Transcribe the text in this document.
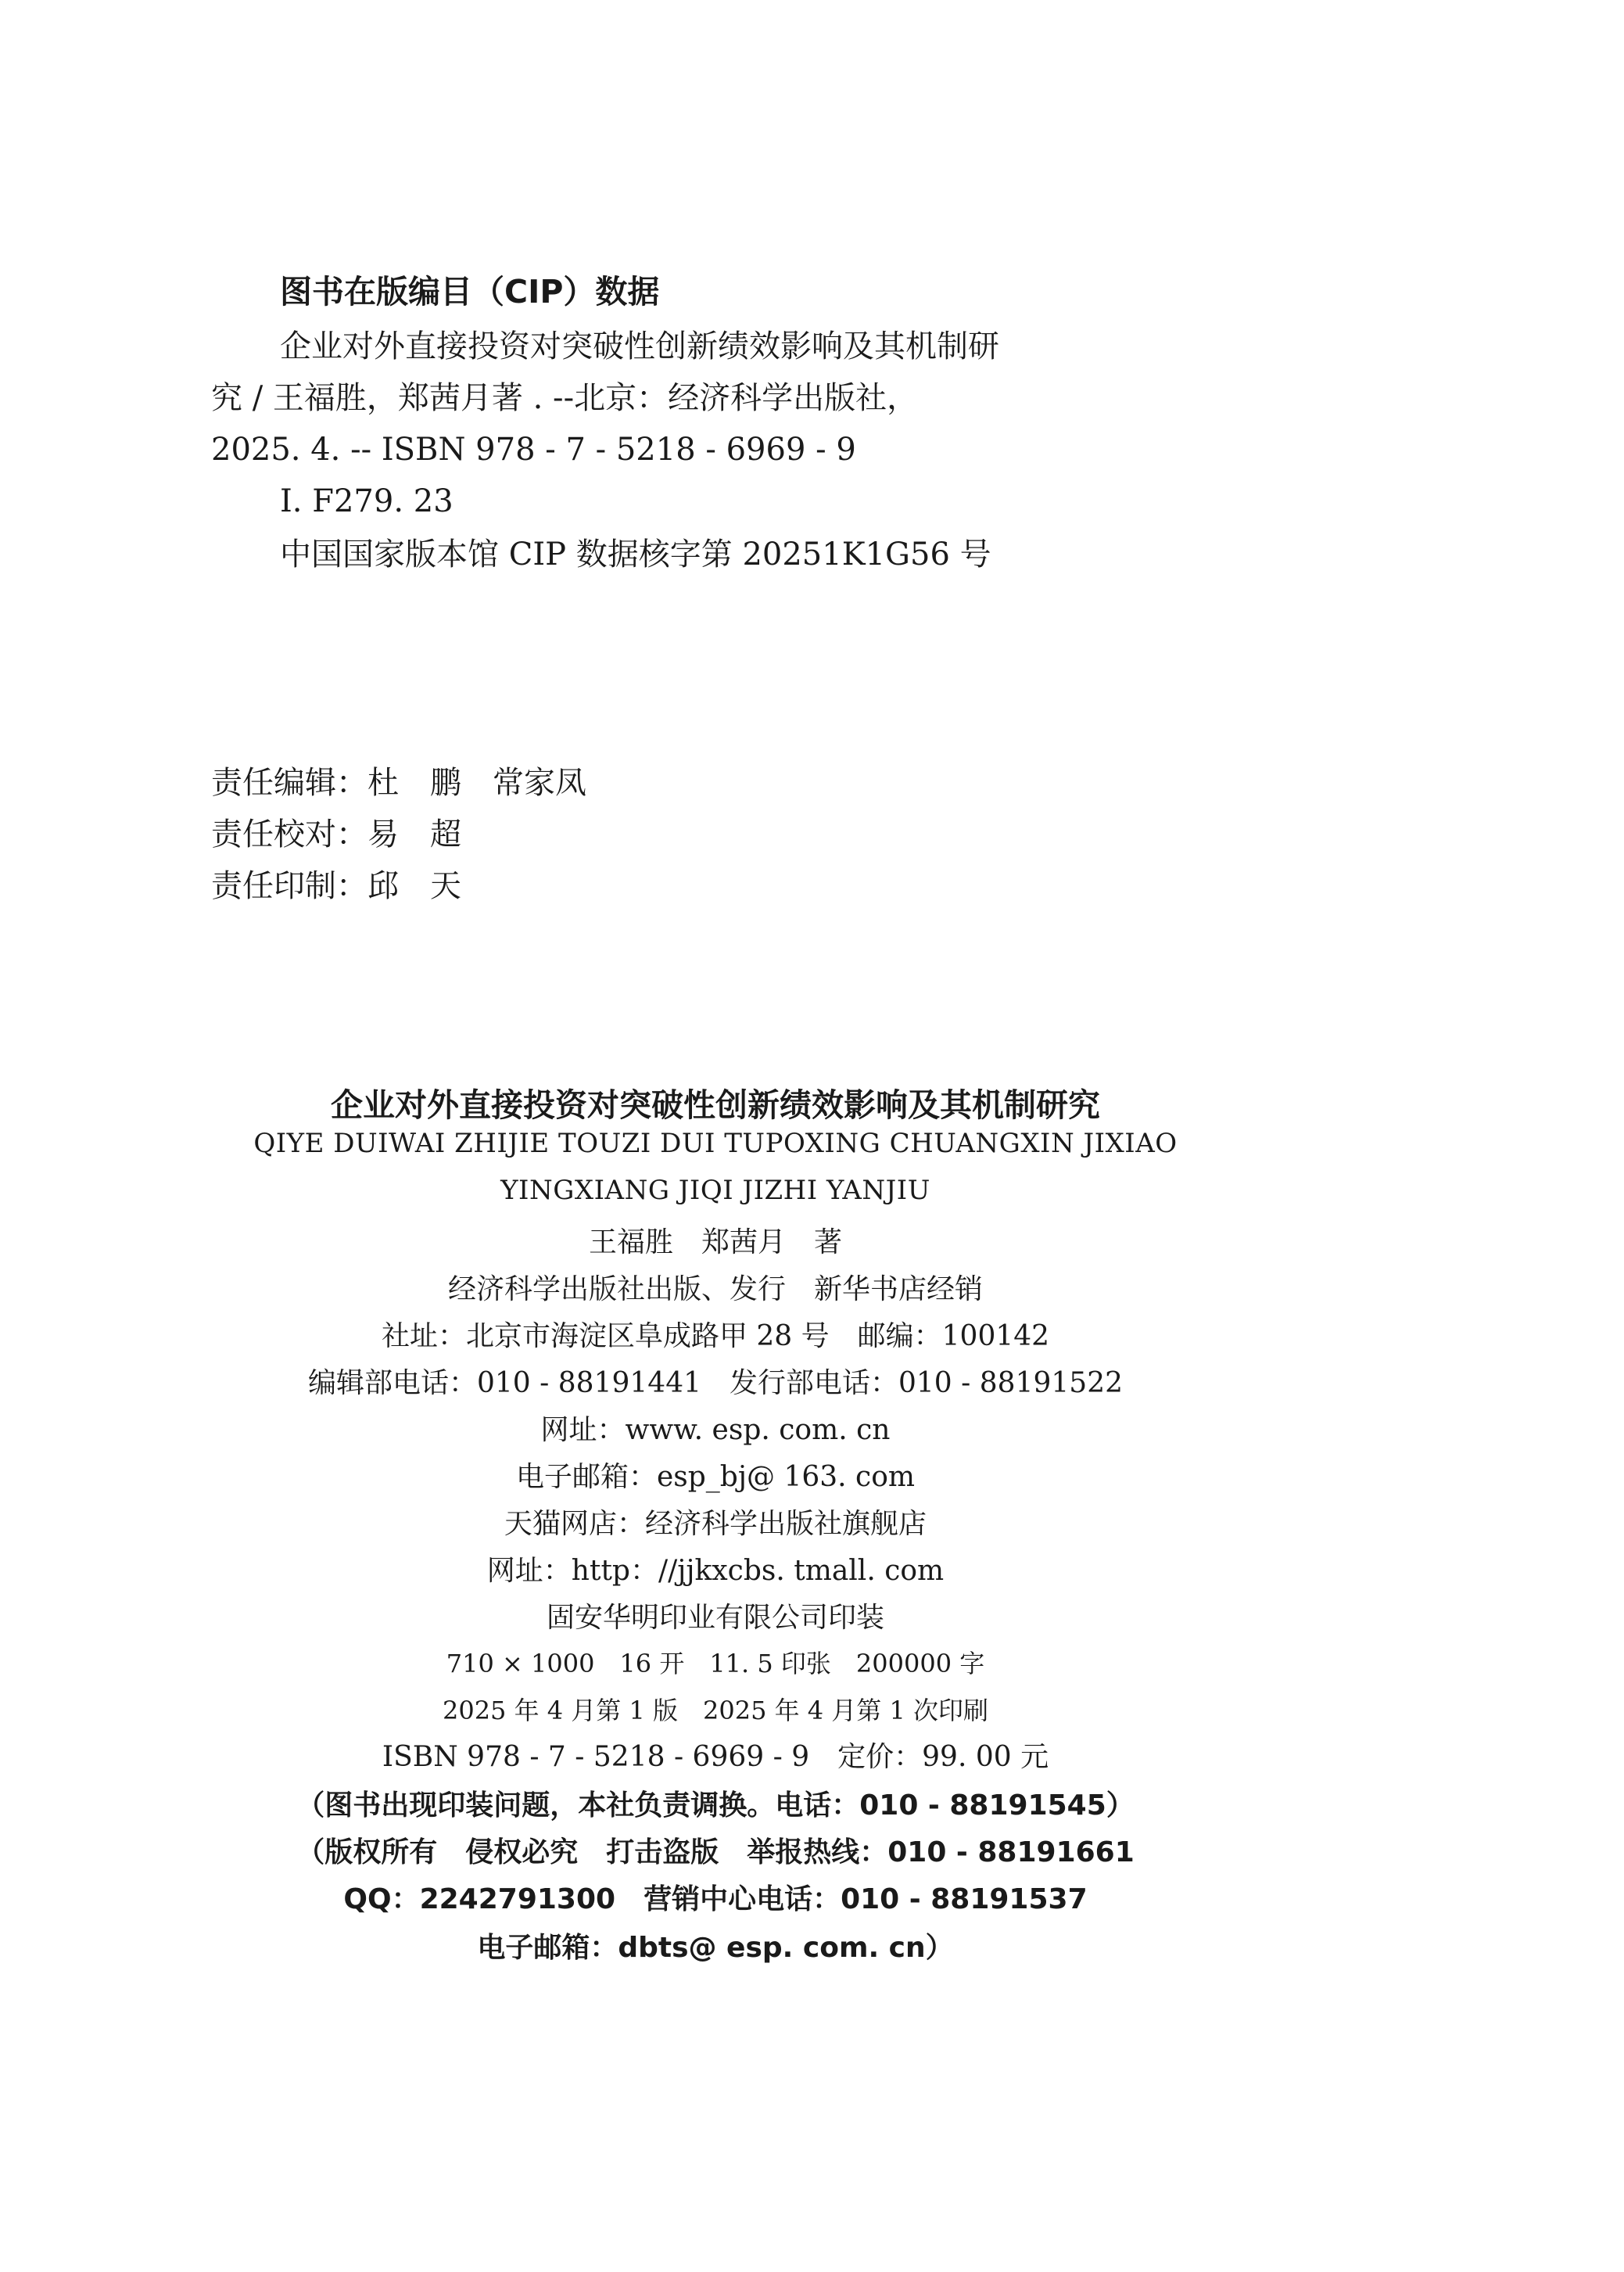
图书在版编目（CIP）数据
企业对外直接投资对突破性创新绩效影响及其机制研
究 / 王福胜，郑茜月著 . --北京：经济科学出版社，
2025. 4. -- ISBN 978 - 7 - 5218 - 6969 - 9
Ⅰ. F279. 23
中国国家版本馆 CIP 数据核字第 20251K1G56 号
责任编辑： 杜　鹏　常家凤
责任校对： 易　超
责任印制： 邱　天
企业对外直接投资对突破性创新绩效影响及其机制研究
QIYE DUIWAI ZHIJIE TOUZI DUI TUPOXING CHUANGXIN JIXIAO
YINGXIANG JIQI JIZHI YANJIU
王福胜　郑茜月　著
经济科学出版社出版、发行　新华书店经销
社址：北京市海淀区阜成路甲 28 号　邮编：100142
编辑部电话：010 - 88191441　发行部电话：010 - 88191522
网址：www. esp. com. cn
电子邮箱：esp_bj@ 163. com
天猫网店：经济科学出版社旗舰店
网址：http：//jjkxcbs. tmall. com
固安华明印业有限公司印装
710 × 1000　16 开　11. 5 印张　200000 字
2025 年 4 月第 1 版　2025 年 4 月第 1 次印刷
ISBN 978 - 7 - 5218 - 6969 - 9　定价：99. 00 元
（图书出现印装问题，本社负责调换。电话：010 - 88191545）
（版权所有　侵权必究　打击盗版　举报热线：010 - 88191661
QQ：2242791300　营销中心电话：010 - 88191537
电子邮箱：dbts@ esp. com. cn）
